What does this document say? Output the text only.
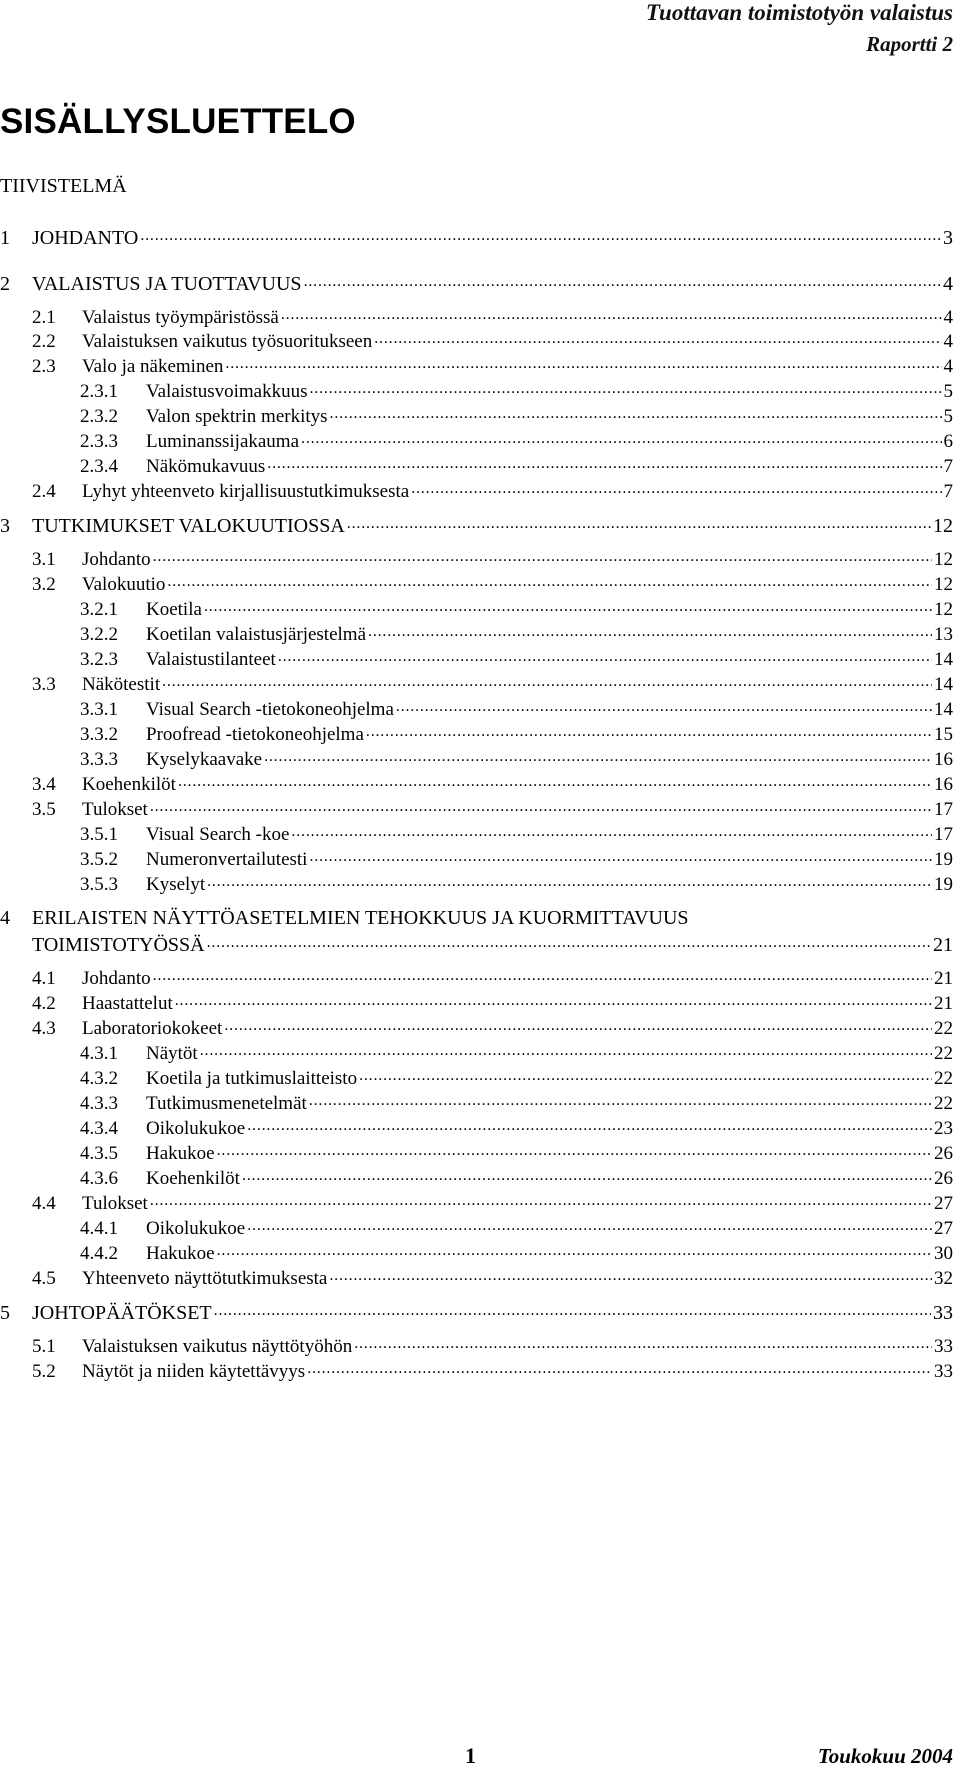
Tuottavan toimistotyön valaistus
Raportti 2
SISÄLLYSLUETTELO
TIIVISTELMÄ
1	JOHDANTO . . .	3
2	VALAISTUS JA TUOTTAVUUS . . .	4
2.1	Valaistus työympäristössä . . .	4
2.2	Valaistuksen vaikutus työsuoritukseen . . .	4
2.3	Valo ja näkeminen . . .	4
2.3.1	Valaistusvoimakkuus . . .	5
2.3.2	Valon spektrin merkitys . . .	5
2.3.3	Luminanssijakauma . . .	6
2.3.4	Näkömukavuus . . .	7
2.4	Lyhyt yhteenveto kirjallisuustutkimuksesta . . .	7
3	TUTKIMUKSET VALOKUUTIOSSA . . .	12
3.1	Johdanto . . .	12
3.2	Valokuutio . . .	12
3.2.1	Koetila . . .	12
3.2.2	Koetilan valaistusjärjestelmä . . .	13
3.2.3	Valaistustilanteet . . .	14
3.3	Näkötestit . . .	14
3.3.1	Visual Search -tietokoneohjelma . . .	14
3.3.2	Proofread -tietokoneohjelma . . .	15
3.3.3	Kyselykaavake . . .	16
3.4	Koehenkilöt . . .	16
3.5	Tulokset . . .	17
3.5.1	Visual Search -koe . . .	17
3.5.2	Numeronvertailutesti . . .	19
3.5.3	Kyselyt . . .	19
4 ERILAISTEN NÄYTTÖASETELMIEN TEHOKKUUS JA KUORMITTAVUUS
TOIMISTOTYÖSSÄ . . .	21
4.1	Johdanto . . .	21
4.2	Haastattelut . . .	21
4.3	Laboratoriokokeet . . .	22
4.3.1	Näytöt . . .	22
4.3.2	Koetila ja tutkimuslaitteisto . . .	22
4.3.3	Tutkimusmenetelmät . . .	22
4.3.4	Oikolukukoe . . .	23
4.3.5	Hakukoe . . .	26
4.3.6	Koehenkilöt . . .	26
4.4	Tulokset . . .	27
4.4.1	Oikolukukoe . . .	27
4.4.2	Hakukoe . . .	30
4.5	Yhteenveto näyttötutkimuksesta . . .	32
5	JOHTOPÄÄTÖKSET . . .	33
5.1	Valaistuksen vaikutus näyttötyöhön . . .	33
5.2	Näytöt ja niiden käytettävyys . . .	33
1	Toukokuu 2004
